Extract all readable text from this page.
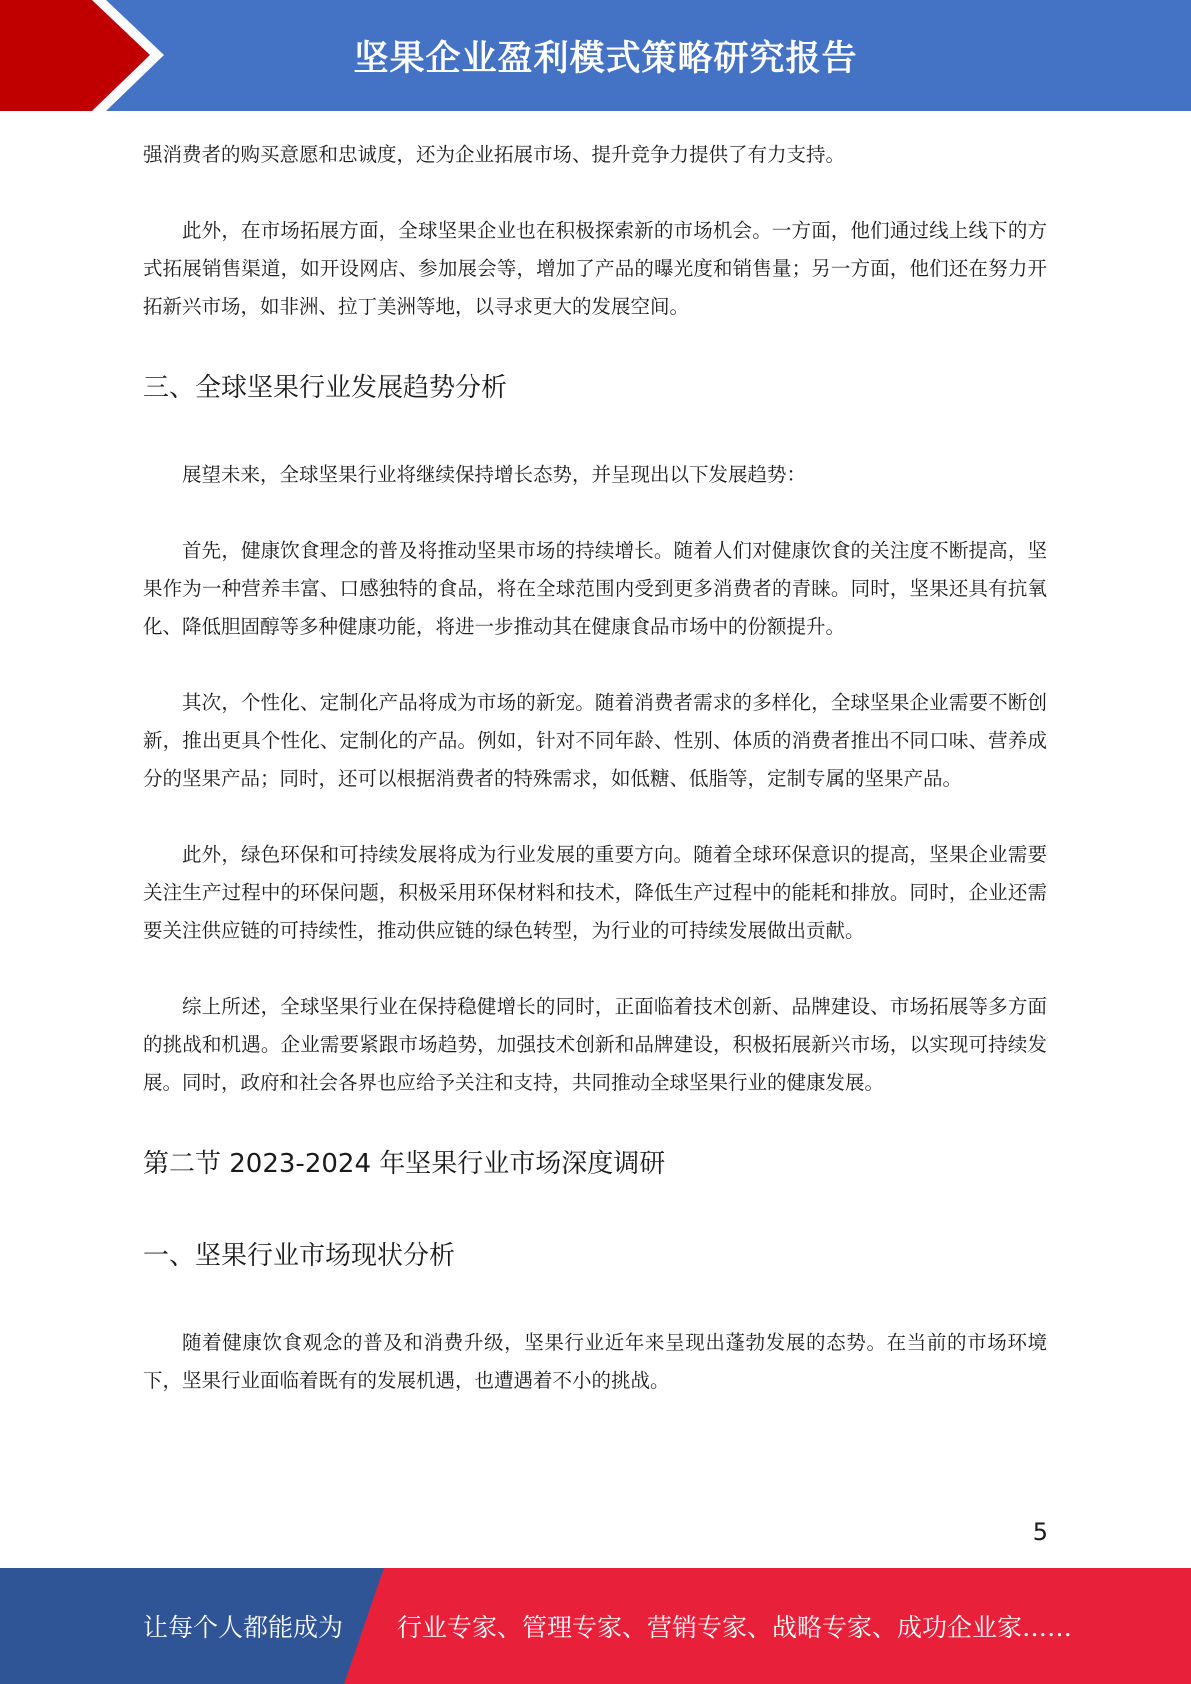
坚果企业盈利模式策略研究报告

强消费者的购买意愿和忠诚度，还为企业拓展市场、提升竞争力提供了有力支持。

此外，在市场拓展方面，全球坚果企业也在积极探索新的市场机会。一方面，他们通过线上线下的方式拓展销售渠道，如开设网店、参加展会等，增加了产品的曝光度和销售量；另一方面，他们还在努力开拓新兴市场，如非洲、拉丁美洲等地，以寻求更大的发展空间。

三、全球坚果行业发展趋势分析

展望未来，全球坚果行业将继续保持增长态势，并呈现出以下发展趋势：

首先，健康饮食理念的普及将推动坚果市场的持续增长。随着人们对健康饮食的关注度不断提高，坚果作为一种营养丰富、口感独特的食品，将在全球范围内受到更多消费者的青睐。同时，坚果还具有抗氧化、降低胆固醇等多种健康功能，将进一步推动其在健康食品市场中的份额提升。

其次，个性化、定制化产品将成为市场的新宠。随着消费者需求的多样化，全球坚果企业需要不断创新，推出更具个性化、定制化的产品。例如，针对不同年龄、性别、体质的消费者推出不同口味、营养成分的坚果产品；同时，还可以根据消费者的特殊需求，如低糖、低脂等，定制专属的坚果产品。

此外，绿色环保和可持续发展将成为行业发展的重要方向。随着全球环保意识的提高，坚果企业需要关注生产过程中的环保问题，积极采用环保材料和技术，降低生产过程中的能耗和排放。同时，企业还需要关注供应链的可持续性，推动供应链的绿色转型，为行业的可持续发展做出贡献。

综上所述，全球坚果行业在保持稳健增长的同时，正面临着技术创新、品牌建设、市场拓展等多方面的挑战和机遇。企业需要紧跟市场趋势，加强技术创新和品牌建设，积极拓展新兴市场，以实现可持续发展。同时，政府和社会各界也应给予关注和支持，共同推动全球坚果行业的健康发展。

第二节 2023-2024 年坚果行业市场深度调研
一、坚果行业市场现状分析

随着健康饮食观念的普及和消费升级，坚果行业近年来呈现出蓬勃发展的态势。在当前的市场环境下，坚果行业面临着既有的发展机遇，也遭遇着不小的挑战。

5
让每个人都能成为 行业专家、管理专家、营销专家、战略专家、成功企业家……
